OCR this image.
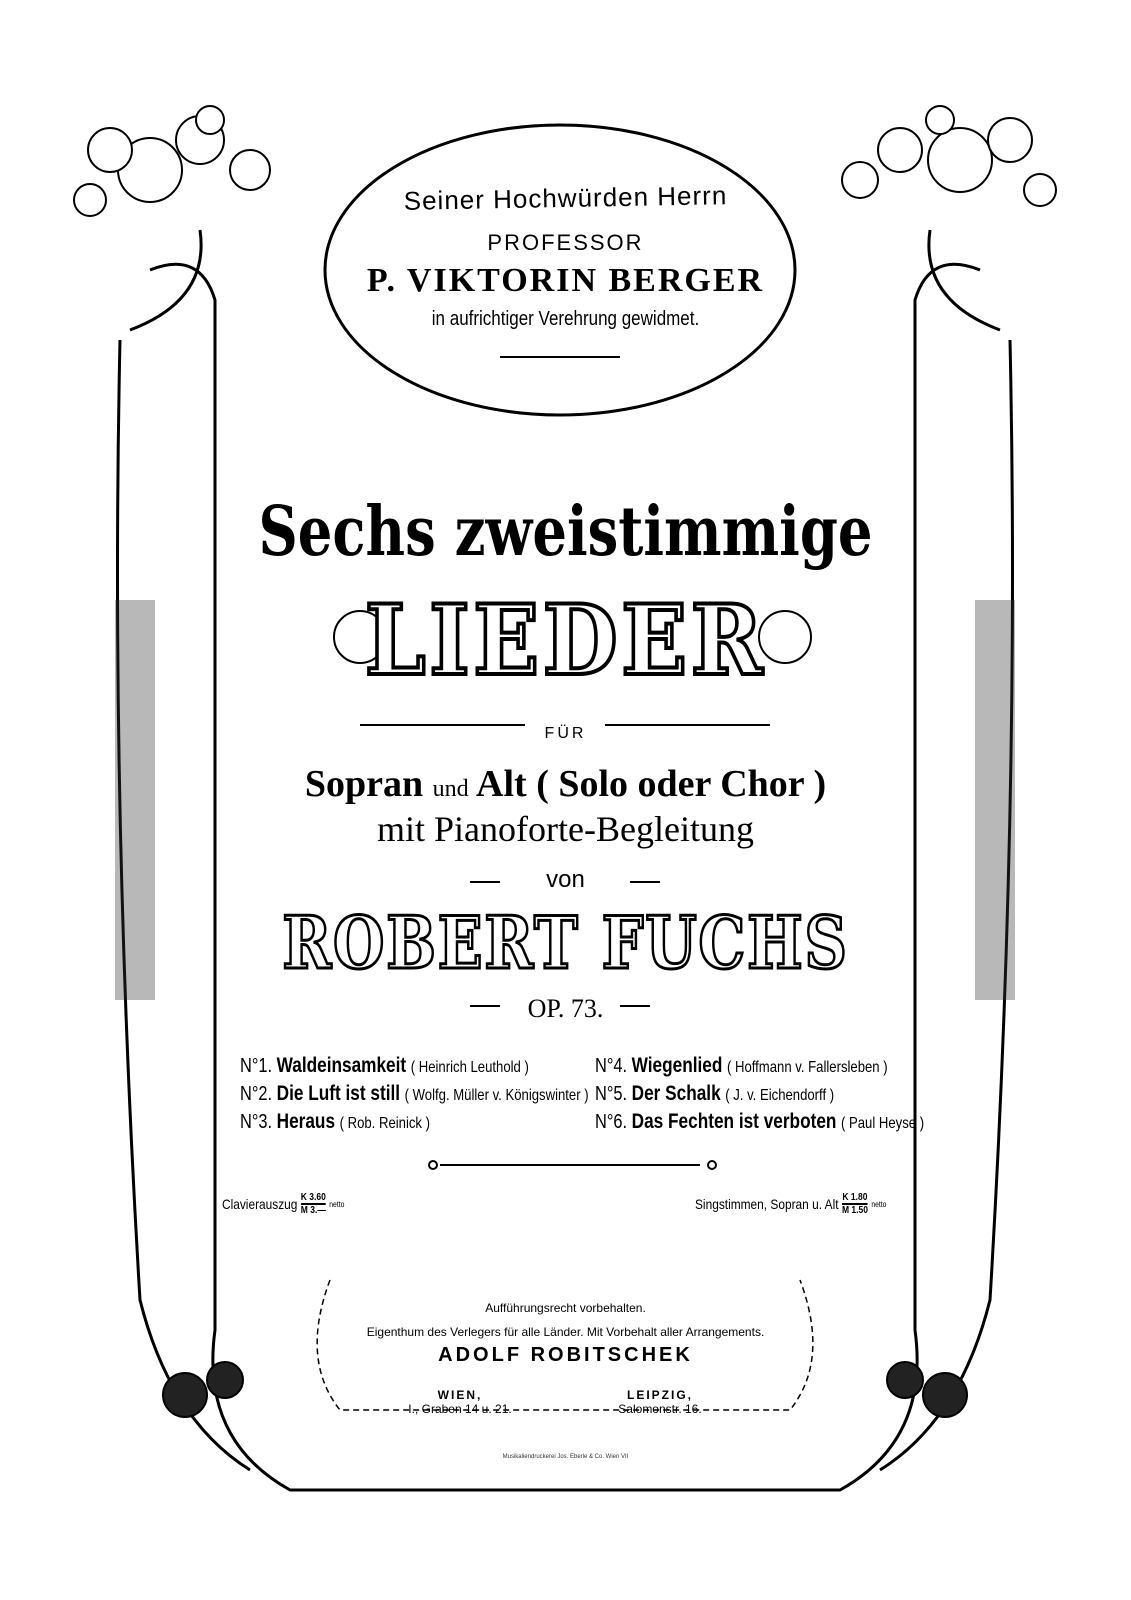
Seiner Hochwürden Herrn
PROFESSOR
P. VIKTORIN BERGER
in aufrichtiger Verehrung gewidmet.
Sechs zweistimmige
LIEDER
FÜR
Sopran und Alt ( Solo oder Chor )
mit Pianoforte-Begleitung
von
ROBERT FUCHS
OP. 73.
N°1. Waldeinsamkeit ( Heinrich Leuthold )
N°2. Die Luft ist still ( Wolfg. Müller v. Königswinter )
N°3. Heraus ( Rob. Reinick )
N°4. Wiegenlied ( Hoffmann v. Fallersleben )
N°5. Der Schalk ( J. v. Eichendorff )
N°6. Das Fechten ist verboten ( Paul Heyse )
Clavierauszug $\frac{K 3.60}{M 3.—}$ netto	Singstimmen, Sopran u. Alt $\frac{K 1.80}{M 1.50}$ netto
Aufführungsrecht vorbehalten.
Eigenthum des Verlegers für alle Länder. Mit Vorbehalt aller Arrangements.
ADOLF ROBITSCHEK
WIEN,
I., Graben 14 u. 21.
LEIPZIG,
Salomonstr. 16.
Musikaliendruckerei Jos. Eberle & Co. Wien VII
